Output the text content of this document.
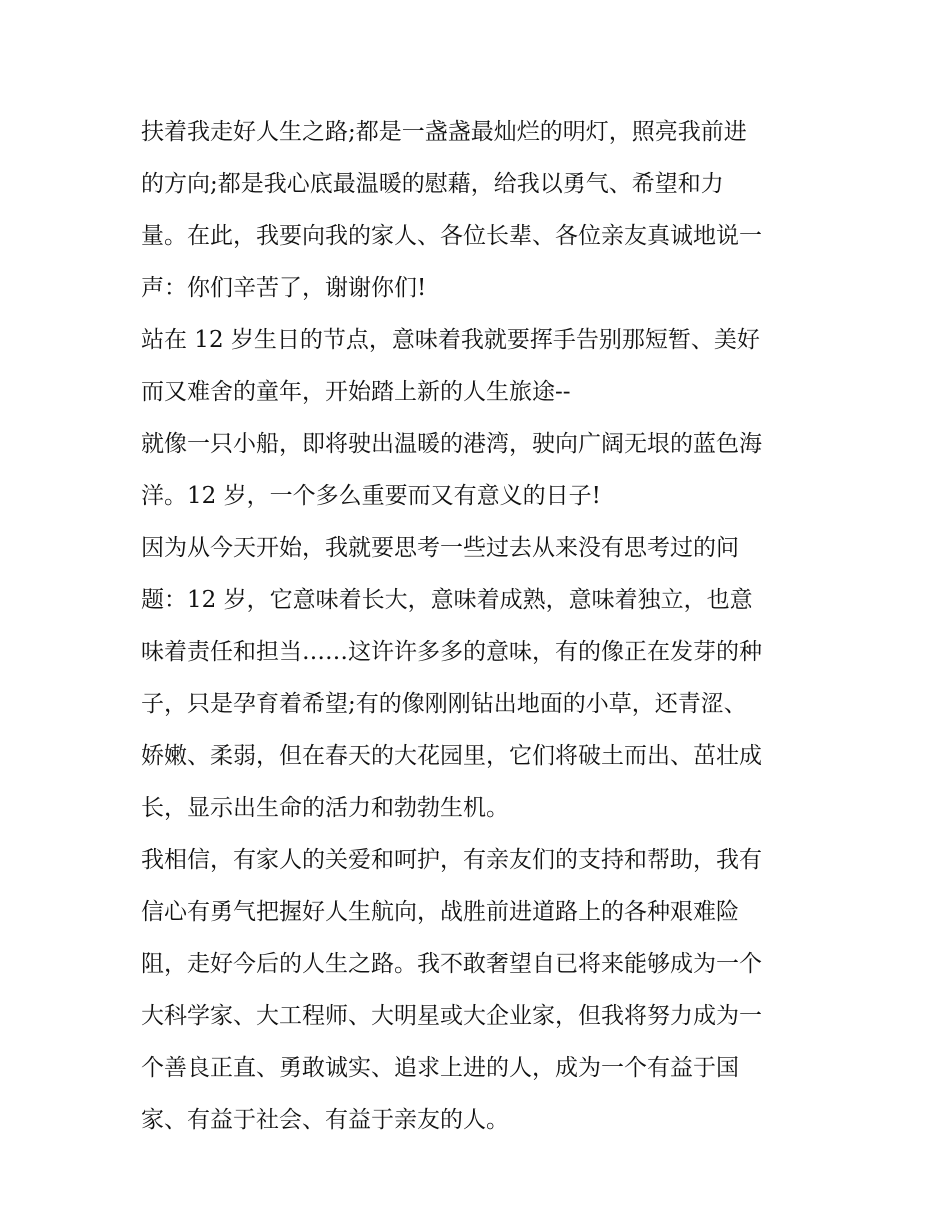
扶着我走好人生之路;都是一盏盏最灿烂的明灯，照亮我前进
的方向;都是我心底最温暖的慰藉，给我以勇气、希望和力
量。在此，我要向我的家人、各位长辈、各位亲友真诚地说一
声：你们辛苦了，谢谢你们!
站在 12 岁生日的节点，意味着我就要挥手告别那短暂、美好
而又难舍的童年，开始踏上新的人生旅途--
就像一只小船，即将驶出温暖的港湾，驶向广阔无垠的蓝色海
洋。12 岁，一个多么重要而又有意义的日子!
因为从今天开始，我就要思考一些过去从来没有思考过的问
题：12 岁，它意味着长大，意味着成熟，意味着独立，也意
味着责任和担当……这许许多多的意味，有的像正在发芽的种
子，只是孕育着希望;有的像刚刚钻出地面的小草，还青涩、
娇嫩、柔弱，但在春天的大花园里，它们将破土而出、茁壮成
长，显示出生命的活力和勃勃生机。
我相信，有家人的关爱和呵护，有亲友们的支持和帮助，我有
信心有勇气把握好人生航向，战胜前进道路上的各种艰难险
阻，走好今后的人生之路。我不敢奢望自已将来能够成为一个
大科学家、大工程师、大明星或大企业家，但我将努力成为一
个善良正直、勇敢诚实、追求上进的人，成为一个有益于国
家、有益于社会、有益于亲友的人。
